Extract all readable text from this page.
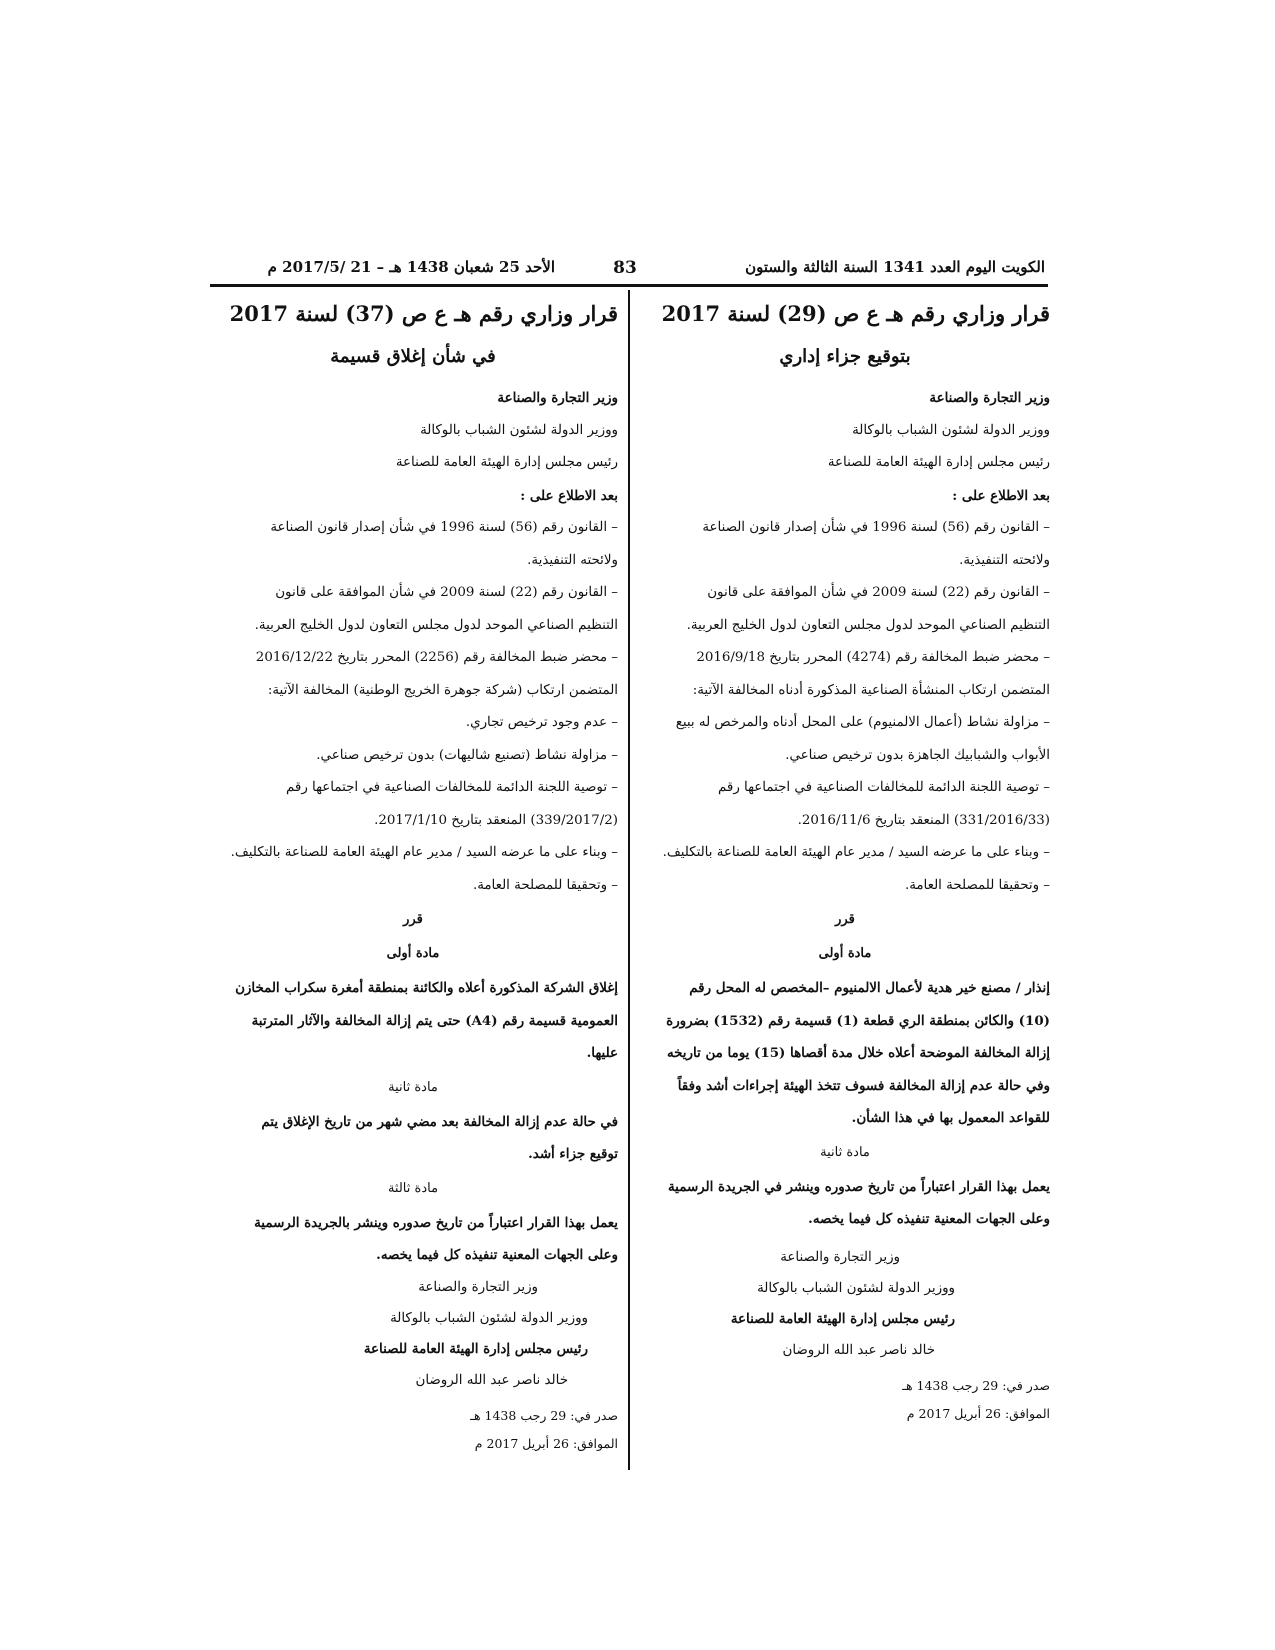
الكويت اليوم العدد 1341 السنة الثالثة والستون
83
الأحد 25 شعبان 1438 هـ – 21 /2017/5 م
قرار وزاري رقم هـ ع ص (29) لسنة 2017
بتوقيع جزاء إداري

وزير التجارة والصناعة

ووزير الدولة لشئون الشباب بالوكالة

رئيس مجلس إدارة الهيئة العامة للصناعة

بعد الاطلاع على :

– القانون رقم (56) لسنة 1996 في شأن إصدار قانون الصناعة

ولائحته التنفيذية.

– القانون رقم (22) لسنة 2009 في شأن الموافقة على قانون

التنظيم الصناعي الموحد لدول مجلس التعاون لدول الخليج العربية.

– محضر ضبط المخالفة رقم (4274) المحرر بتاريخ 2016/9/18

المتضمن ارتكاب المنشأة الصناعية المذكورة أدناه المخالفة الآتية:

– مزاولة نشاط (أعمال الالمنيوم) على المحل أدناه والمرخص له ببيع

الأبواب والشبابيك الجاهزة بدون ترخيص صناعي.

– توصية اللجنة الدائمة للمخالفات الصناعية في اجتماعها رقم

(331/2016/33) المنعقد بتاريخ 2016/11/6.

– وبناء على ما عرضه السيد / مدير عام الهيئة العامة للصناعة بالتكليف.

– وتحقيقا للمصلحة العامة.

قرر
مادة أولى

إنذار / مصنع خير هدية لأعمال الالمنيوم –المخصص له المحل رقم

(10) والكائن بمنطقة الري قطعة (1) قسيمة رقم (1532) بضرورة

إزالة المخالفة الموضحة أعلاه خلال مدة أقصاها (15) يوما من تاريخه

وفي حالة عدم إزالة المخالفة فسوف تتخذ الهيئة إجراءات أشد وفقاً

للقواعد المعمول بها في هذا الشأن.

مادة ثانية

يعمل بهذا القرار اعتباراً من تاريخ صدوره وينشر في الجريدة الرسمية

وعلى الجهات المعنية تنفيذه كل فيما يخصه.

وزير التجارة والصناعة

ووزير الدولة لشئون الشباب بالوكالة

رئيس مجلس إدارة الهيئة العامة للصناعة

خالد ناصر عبد الله الروضان

صدر في: 29 رجب 1438 هـ

الموافق: 26 أبريل 2017 م

قرار وزاري رقم هـ ع ص (37) لسنة 2017
في شأن إغلاق قسيمة

وزير التجارة والصناعة

ووزير الدولة لشئون الشباب بالوكالة

رئيس مجلس إدارة الهيئة العامة للصناعة

بعد الاطلاع على :

– القانون رقم (56) لسنة 1996 في شأن إصدار قانون الصناعة

ولائحته التنفيذية.

– القانون رقم (22) لسنة 2009 في شأن الموافقة على قانون

التنظيم الصناعي الموحد لدول مجلس التعاون لدول الخليج العربية.

– محضر ضبط المخالفة رقم (2256) المحرر بتاريخ 2016/12/22

المتضمن ارتكاب (شركة جوهرة الخريج الوطنية) المخالفة الآتية:

– عدم وجود ترخيص تجاري.

– مزاولة نشاط (تصنيع شاليهات) بدون ترخيص صناعي.

– توصية اللجنة الدائمة للمخالفات الصناعية في اجتماعها رقم

(339/2017/2) المنعقد بتاريخ 2017/1/10.

– وبناء على ما عرضه السيد / مدير عام الهيئة العامة للصناعة بالتكليف.

– وتحقيقا للمصلحة العامة.

قرر
مادة أولى

إغلاق الشركة المذكورة أعلاه والكائنة بمنطقة أمغرة سكراب المخازن

العمومية قسيمة رقم (A4) حتى يتم إزالة المخالفة والآثار المترتبة

عليها.

مادة ثانية

في حالة عدم إزالة المخالفة بعد مضي شهر من تاريخ الإغلاق يتم

توقيع جزاء أشد.

مادة ثالثة

يعمل بهذا القرار اعتباراً من تاريخ صدوره وينشر بالجريدة الرسمية

وعلى الجهات المعنية تنفيذه كل فيما يخصه.

وزير التجارة والصناعة

ووزير الدولة لشئون الشباب بالوكالة

رئيس مجلس إدارة الهيئة العامة للصناعة

خالد ناصر عبد الله الروضان

صدر في: 29 رجب 1438 هـ

الموافق: 26 أبريل 2017 م
